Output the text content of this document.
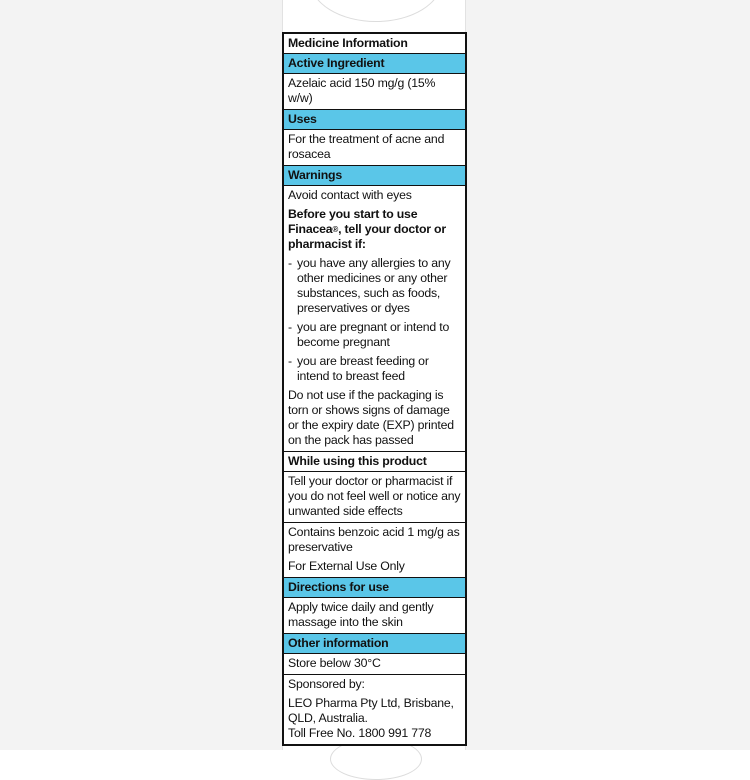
Medicine Information
Active Ingredient
Azelaic acid 150 mg/g (15% w/w)
Uses
For the treatment of acne and rosacea
Warnings
Avoid contact with eyes
Before you start to use Finacea®, tell your doctor or pharmacist if:
- you have any allergies to any other medicines or any other substances, such as foods, preservatives or dyes
- you are pregnant or intend to become pregnant
- you are breast feeding or intend to breast feed
Do not use if the packaging is torn or shows signs of damage or the expiry date (EXP) printed on the pack has passed
While using this product
Tell your doctor or pharmacist if you do not feel well or notice any unwanted side effects
Contains benzoic acid 1 mg/g as preservative
For External Use Only
Directions for use
Apply twice daily and gently massage into the skin
Other information
Store below 30°C
Sponsored by:
LEO Pharma Pty Ltd, Brisbane, QLD, Australia.
Toll Free No. 1800 991 778
